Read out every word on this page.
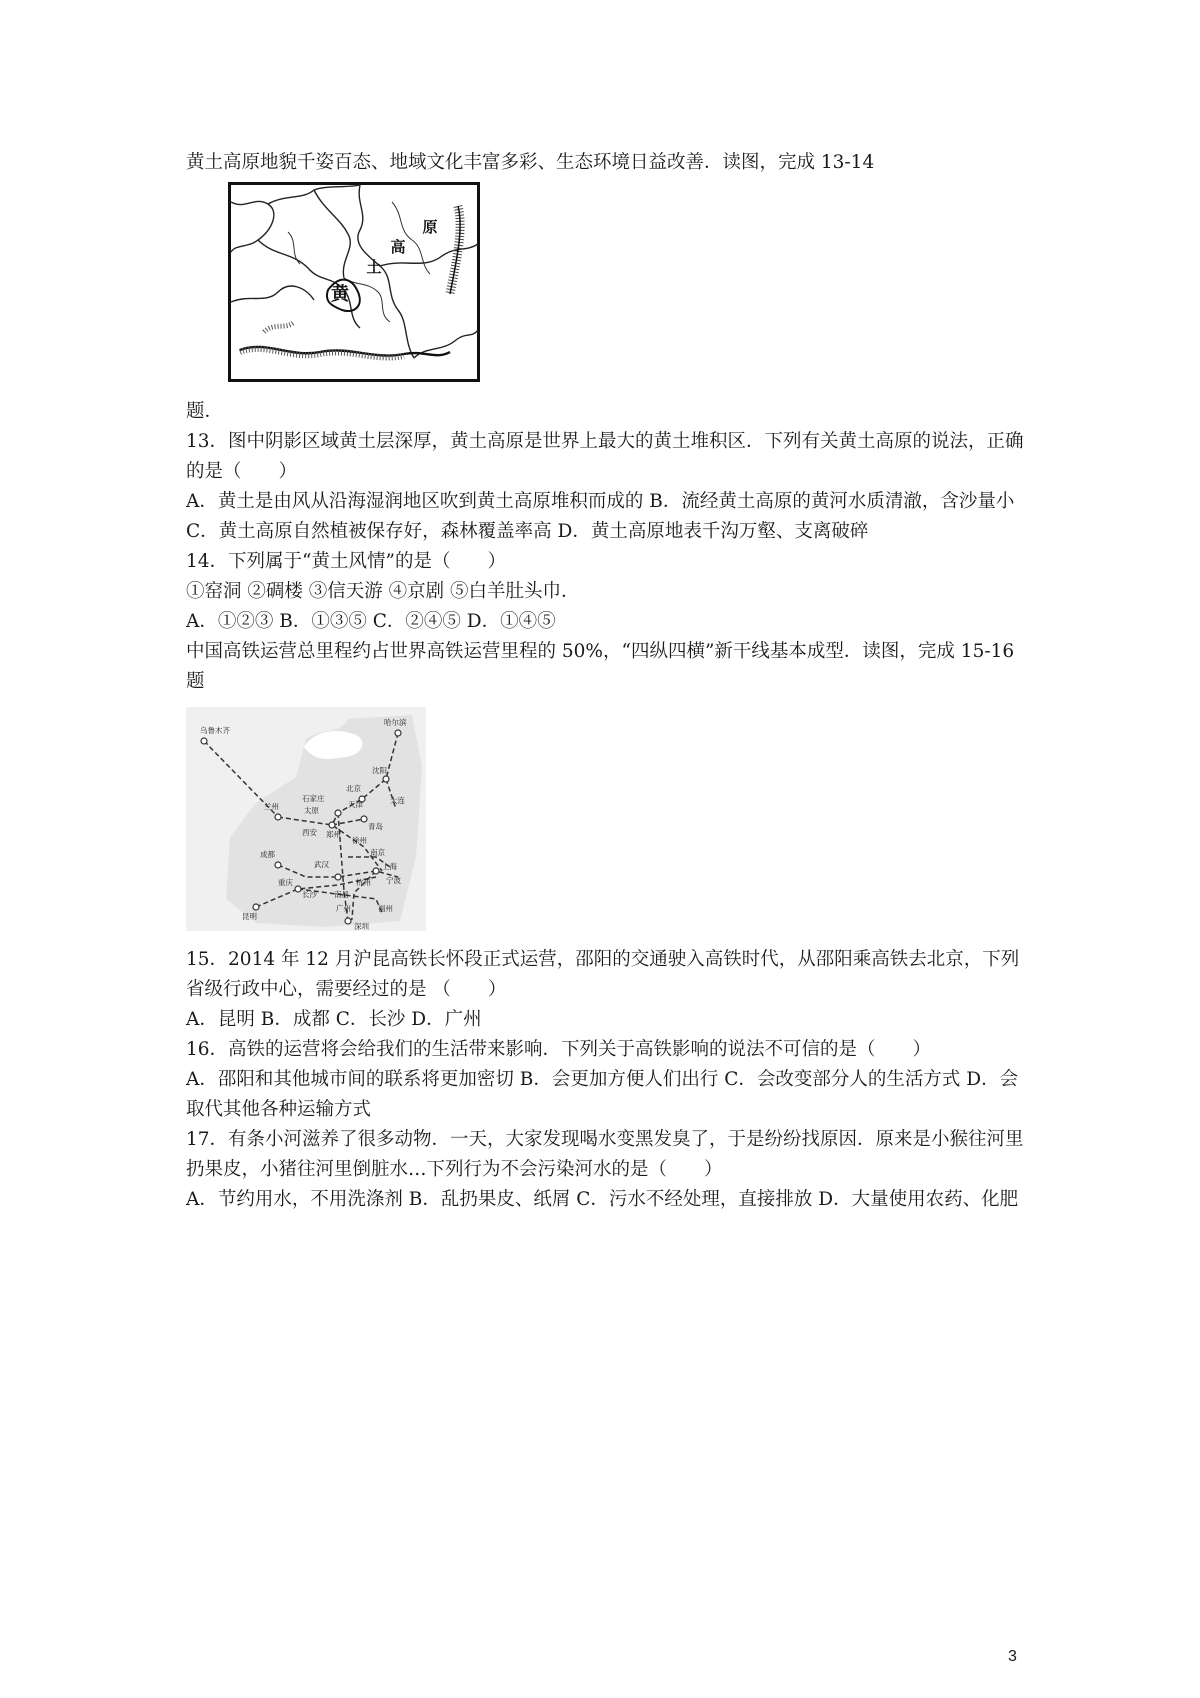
黄土高原地貌千姿百态、地域文化丰富多彩、生态环境日益改善．读图，完成 13-14

黄
土
高
原
题．

13．图中阴影区域黄土层深厚，黄土高原是世界上最大的黄土堆积区．下列有关黄土高原的说法，正确的是（　　）

A．黄土是由风从沿海湿润地区吹到黄土高原堆积而成的 B．流经黄土高原的黄河水质清澈，含沙量小 C．黄土高原自然植被保存好，森林覆盖率高 D．黄土高原地表千沟万壑、支离破碎

14．下列属于“黄土风情”的是（　　）

①窑洞 ②碉楼 ③信天游 ④京剧 ⑤白羊肚头巾．

A．①②③ B．①③⑤ C．②④⑤ D．①④⑤

中国高铁运营总里程约占世界高铁运营里程的 50%，“四纵四横”新干线基本成型．读图，完成 15-16 题

乌鲁木齐
哈尔滨
沈阳
北京
石家庄
太原
天津	大连
兰州
西安 郑州
青岛
徐州
南京
成都
武汉	上海
重庆	杭州 宁波
长沙 南昌
昆明
福州
广州
深圳

15．2014 年 12 月沪昆高铁长怀段正式运营，邵阳的交通驶入高铁时代，从邵阳乘高铁去北京，下列省级行政中心，需要经过的是 （　　）

A．昆明 B．成都 C．长沙 D．广州

16．高铁的运营将会给我们的生活带来影响．下列关于高铁影响的说法不可信的是（　　）

A．邵阳和其他城市间的联系将更加密切 B．会更加方便人们出行 C．会改变部分人的生活方式 D．会取代其他各种运输方式

17．有条小河滋养了很多动物．一天，大家发现喝水变黑发臭了，于是纷纷找原因．原来是小猴往河里扔果皮，小猪往河里倒脏水…下列行为不会污染河水的是（　　）

A．节约用水，不用洗涤剂 B．乱扔果皮、纸屑 C．污水不经处理，直接排放 D．大量使用农药、化肥

3
